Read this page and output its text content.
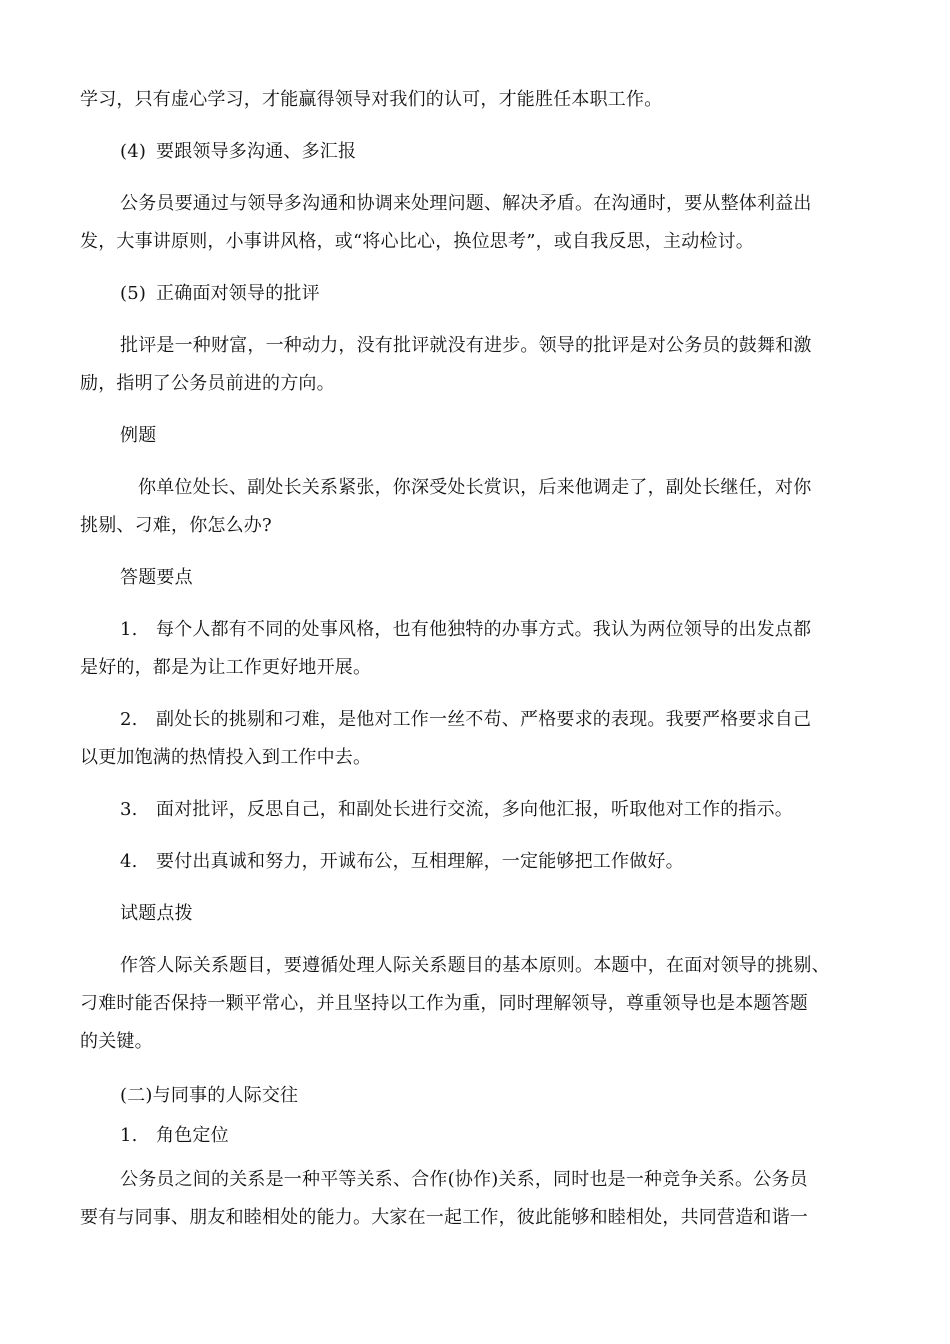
学习，只有虚心学习，才能赢得领导对我们的认可，才能胜任本职工作。
(4) 要跟领导多沟通、多汇报
公务员要通过与领导多沟通和协调来处理问题、解决矛盾。在沟通时，要从整体利益出
发，大事讲原则，小事讲风格，或“将心比心，换位思考”，或自我反思，主动检讨。
(5) 正确面对领导的批评
批评是一种财富，一种动力，没有批评就没有进步。领导的批评是对公务员的鼓舞和激
励，指明了公务员前进的方向。
例题
你单位处长、副处长关系紧张，你深受处长赏识，后来他调走了，副处长继任，对你
挑剔、刁难，你怎么办?
答题要点
1. 每个人都有不同的处事风格，也有他独特的办事方式。我认为两位领导的出发点都
是好的，都是为让工作更好地开展。
2. 副处长的挑剔和刁难，是他对工作一丝不苟、严格要求的表现。我要严格要求自己
以更加饱满的热情投入到工作中去。
3. 面对批评，反思自己，和副处长进行交流，多向他汇报，听取他对工作的指示。
4. 要付出真诚和努力，开诚布公，互相理解，一定能够把工作做好。
试题点拨
作答人际关系题目，要遵循处理人际关系题目的基本原则。本题中，在面对领导的挑剔、
刁难时能否保持一颗平常心，并且坚持以工作为重，同时理解领导，尊重领导也是本题答题
的关键。
(二)与同事的人际交往
1. 角色定位
公务员之间的关系是一种平等关系、合作(协作)关系，同时也是一种竞争关系。公务员
要有与同事、朋友和睦相处的能力。大家在一起工作，彼此能够和睦相处，共同营造和谐一
